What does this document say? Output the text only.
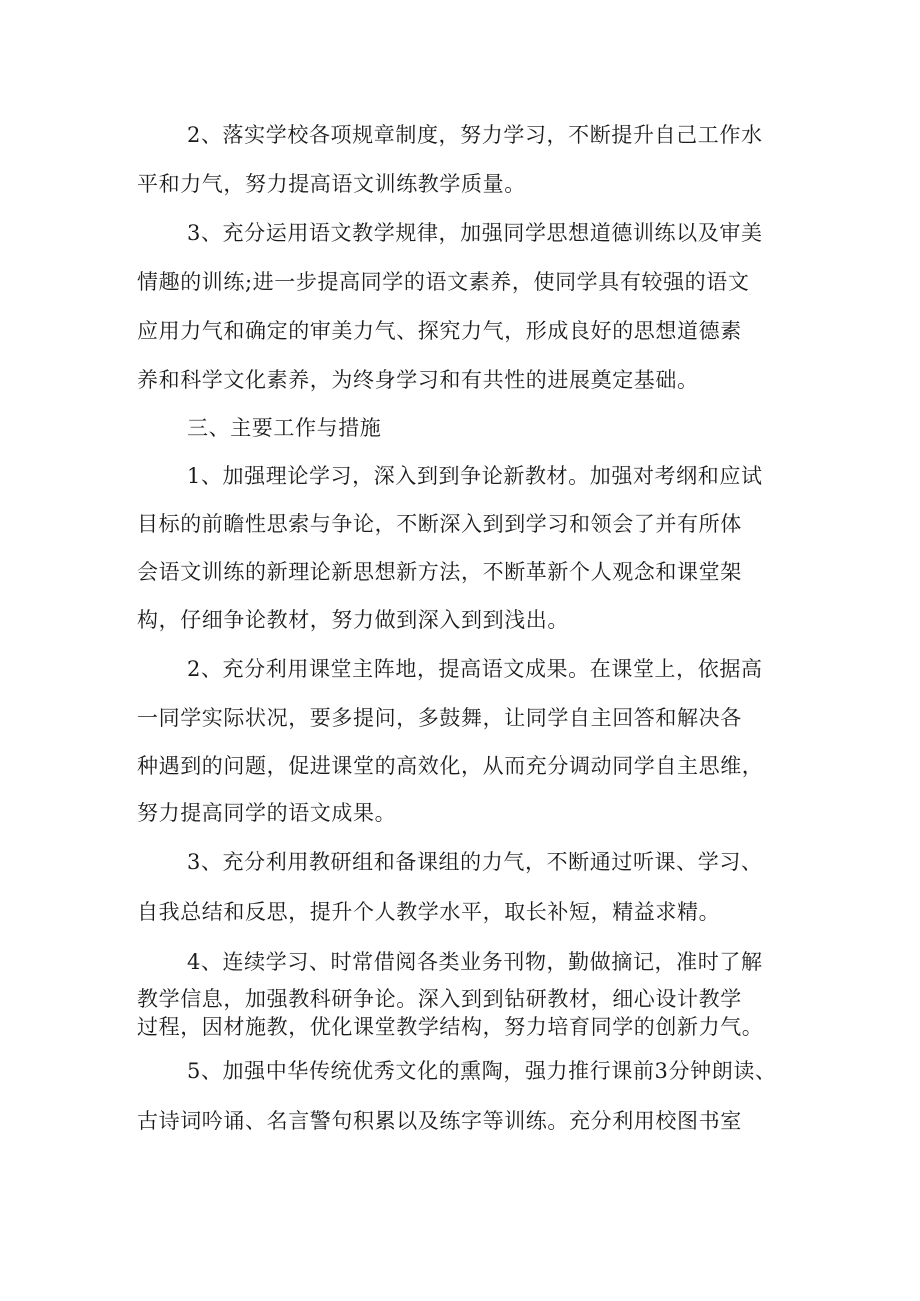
2、落实学校各项规章制度，努力学习，不断提升自己工作水
平和力气，努力提高语文训练教学质量。
3、充分运用语文教学规律，加强同学思想道德训练以及审美
情趣的训练;进一步提高同学的语文素养，使同学具有较强的语文
应用力气和确定的审美力气、探究力气，形成良好的思想道德素
养和科学文化素养，为终身学习和有共性的进展奠定基础。
三、主要工作与措施
1、加强理论学习，深入到到争论新教材。加强对考纲和应试
目标的前瞻性思索与争论，不断深入到到学习和领会了并有所体
会语文训练的新理论新思想新方法，不断革新个人观念和课堂架
构，仔细争论教材，努力做到深入到到浅出。
2、充分利用课堂主阵地，提高语文成果。在课堂上，依据高
一同学实际状况，要多提问，多鼓舞，让同学自主回答和解决各
种遇到的问题，促进课堂的高效化，从而充分调动同学自主思维，
努力提高同学的语文成果。
3、充分利用教研组和备课组的力气，不断通过听课、学习、
自我总结和反思，提升个人教学水平，取长补短，精益求精。
4、连续学习、时常借阅各类业务刊物，勤做摘记，准时了解
教学信息，加强教科研争论。深入到到钻研教材，细心设计教学
过程，因材施教，优化课堂教学结构，努力培育同学的创新力气。
5、加强中华传统优秀文化的熏陶，强力推行课前3分钟朗读、
古诗词吟诵、名言警句积累以及练字等训练。充分利用校图书室
